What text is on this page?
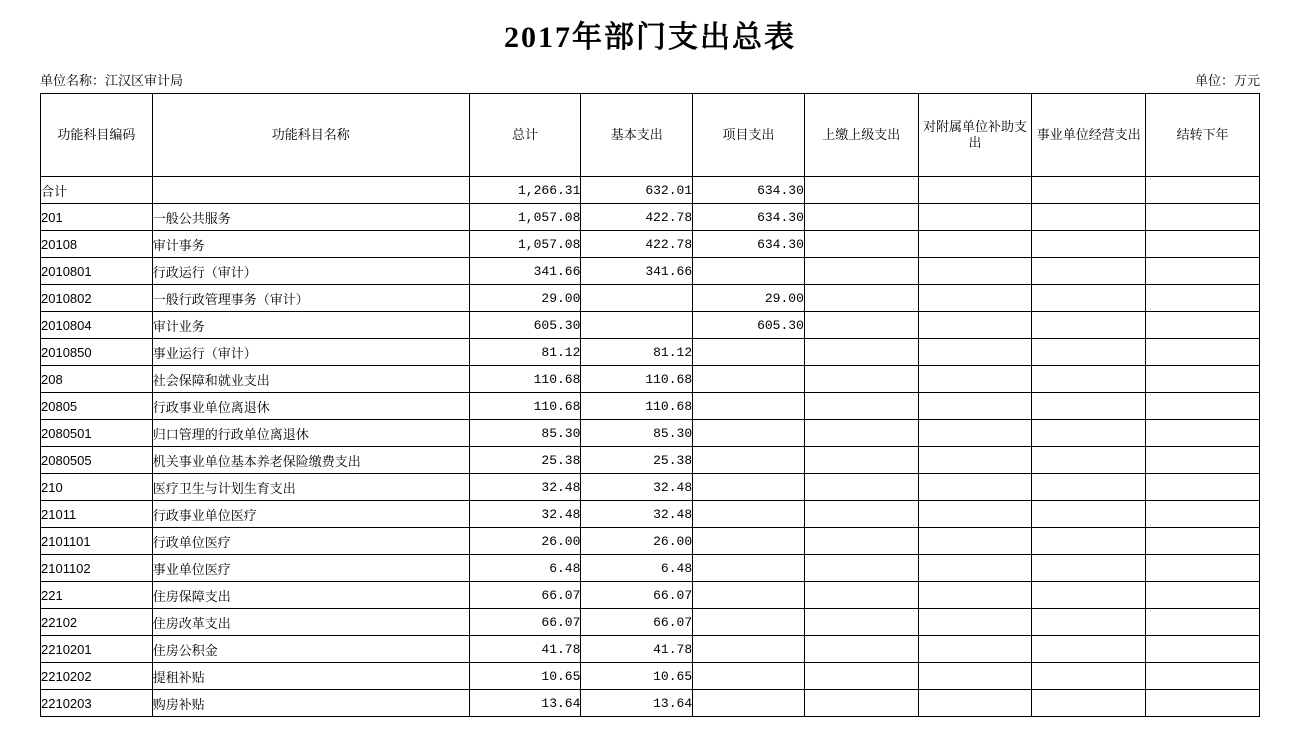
2017年部门支出总表
单位名称：江汉区审计局	单位：万元
功能科目编码	功能科目名称	总计	基本支出	项目支出	上缴上级支出	对附属单位补助支出	事业单位经营支出	结转下年
合计		1,266.31	632.01	634.30				
201	一般公共服务	1,057.08	422.78	634.30				
20108	审计事务	1,057.08	422.78	634.30				
2010801	行政运行（审计）	341.66	341.66					
2010802	一般行政管理事务（审计）	29.00		29.00				
2010804	审计业务	605.30		605.30				
2010850	事业运行（审计）	81.12	81.12					
208	社会保障和就业支出	110.68	110.68					
20805	行政事业单位离退休	110.68	110.68					
2080501	归口管理的行政单位离退休	85.30	85.30					
2080505	机关事业单位基本养老保险缴费支出	25.38	25.38					
210	医疗卫生与计划生育支出	32.48	32.48					
21011	行政事业单位医疗	32.48	32.48					
2101101	行政单位医疗	26.00	26.00					
2101102	事业单位医疗	6.48	6.48					
221	住房保障支出	66.07	66.07					
22102	住房改革支出	66.07	66.07					
2210201	住房公积金	41.78	41.78					
2210202	提租补贴	10.65	10.65					
2210203	购房补贴	13.64	13.64					
